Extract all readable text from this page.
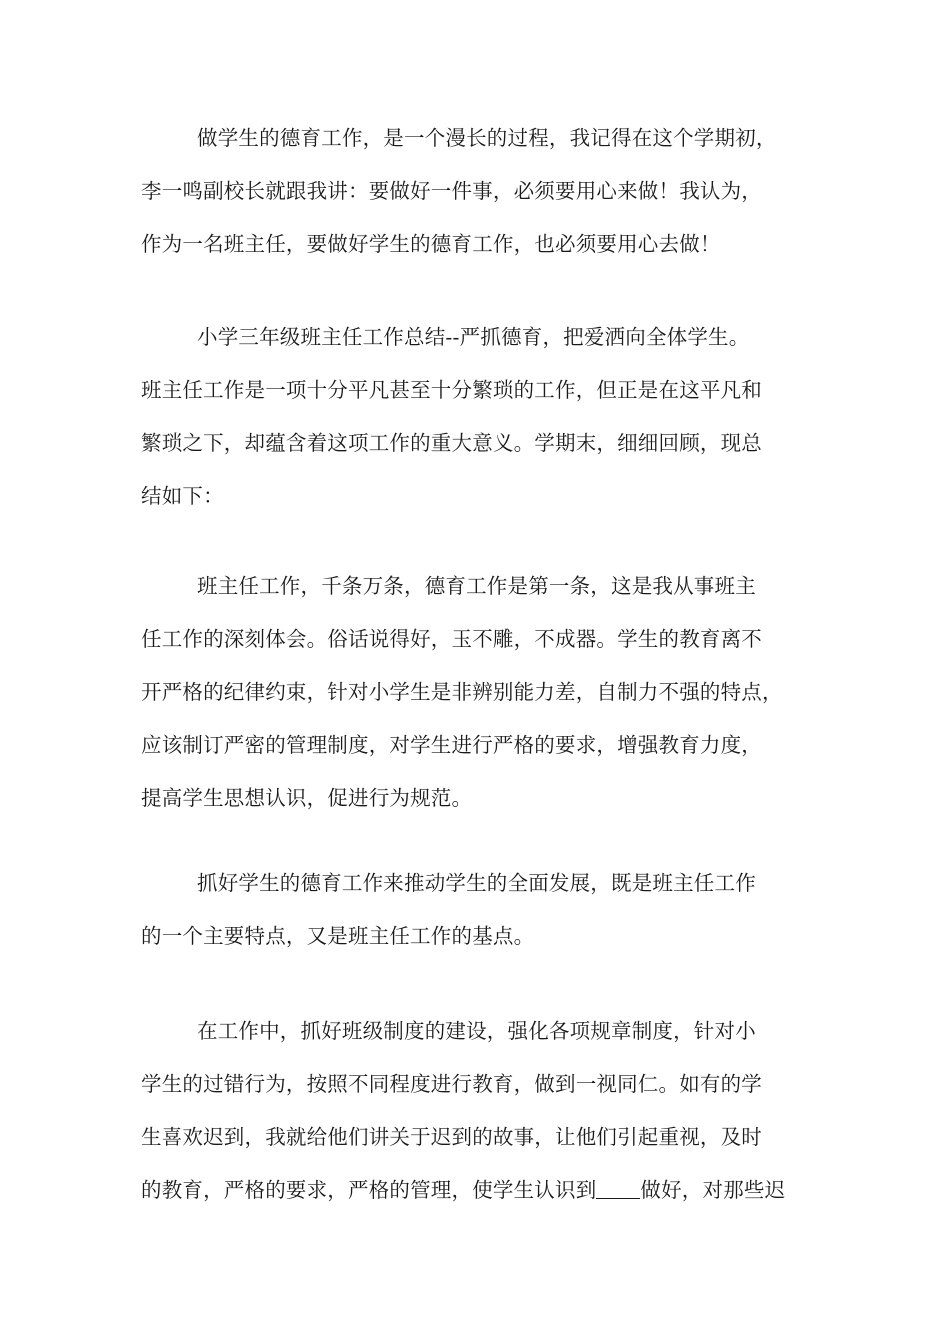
做学生的德育工作，是一个漫长的过程，我记得在这个学期初，
李一鸣副校长就跟我讲：要做好一件事，必须要用心来做！我认为，
作为一名班主任，要做好学生的德育工作，也必须要用心去做！
小学三年级班主任工作总结--严抓德育，把爱洒向全体学生。
班主任工作是一项十分平凡甚至十分繁琐的工作，但正是在这平凡和
繁琐之下，却蕴含着这项工作的重大意义。学期末，细细回顾，现总
结如下：
班主任工作，千条万条，德育工作是第一条，这是我从事班主
任工作的深刻体会。俗话说得好，玉不雕，不成器。学生的教育离不
开严格的纪律约束，针对小学生是非辨别能力差，自制力不强的特点，
应该制订严密的管理制度，对学生进行严格的要求，增强教育力度，
提高学生思想认识，促进行为规范。
抓好学生的德育工作来推动学生的全面发展，既是班主任工作
的一个主要特点，又是班主任工作的基点。
在工作中，抓好班级制度的建设，强化各项规章制度，针对小
学生的过错行为，按照不同程度进行教育，做到一视同仁。如有的学
生喜欢迟到，我就给他们讲关于迟到的故事，让他们引起重视，及时
的教育，严格的要求，严格的管理，使学生认识到 做好，对那些迟
